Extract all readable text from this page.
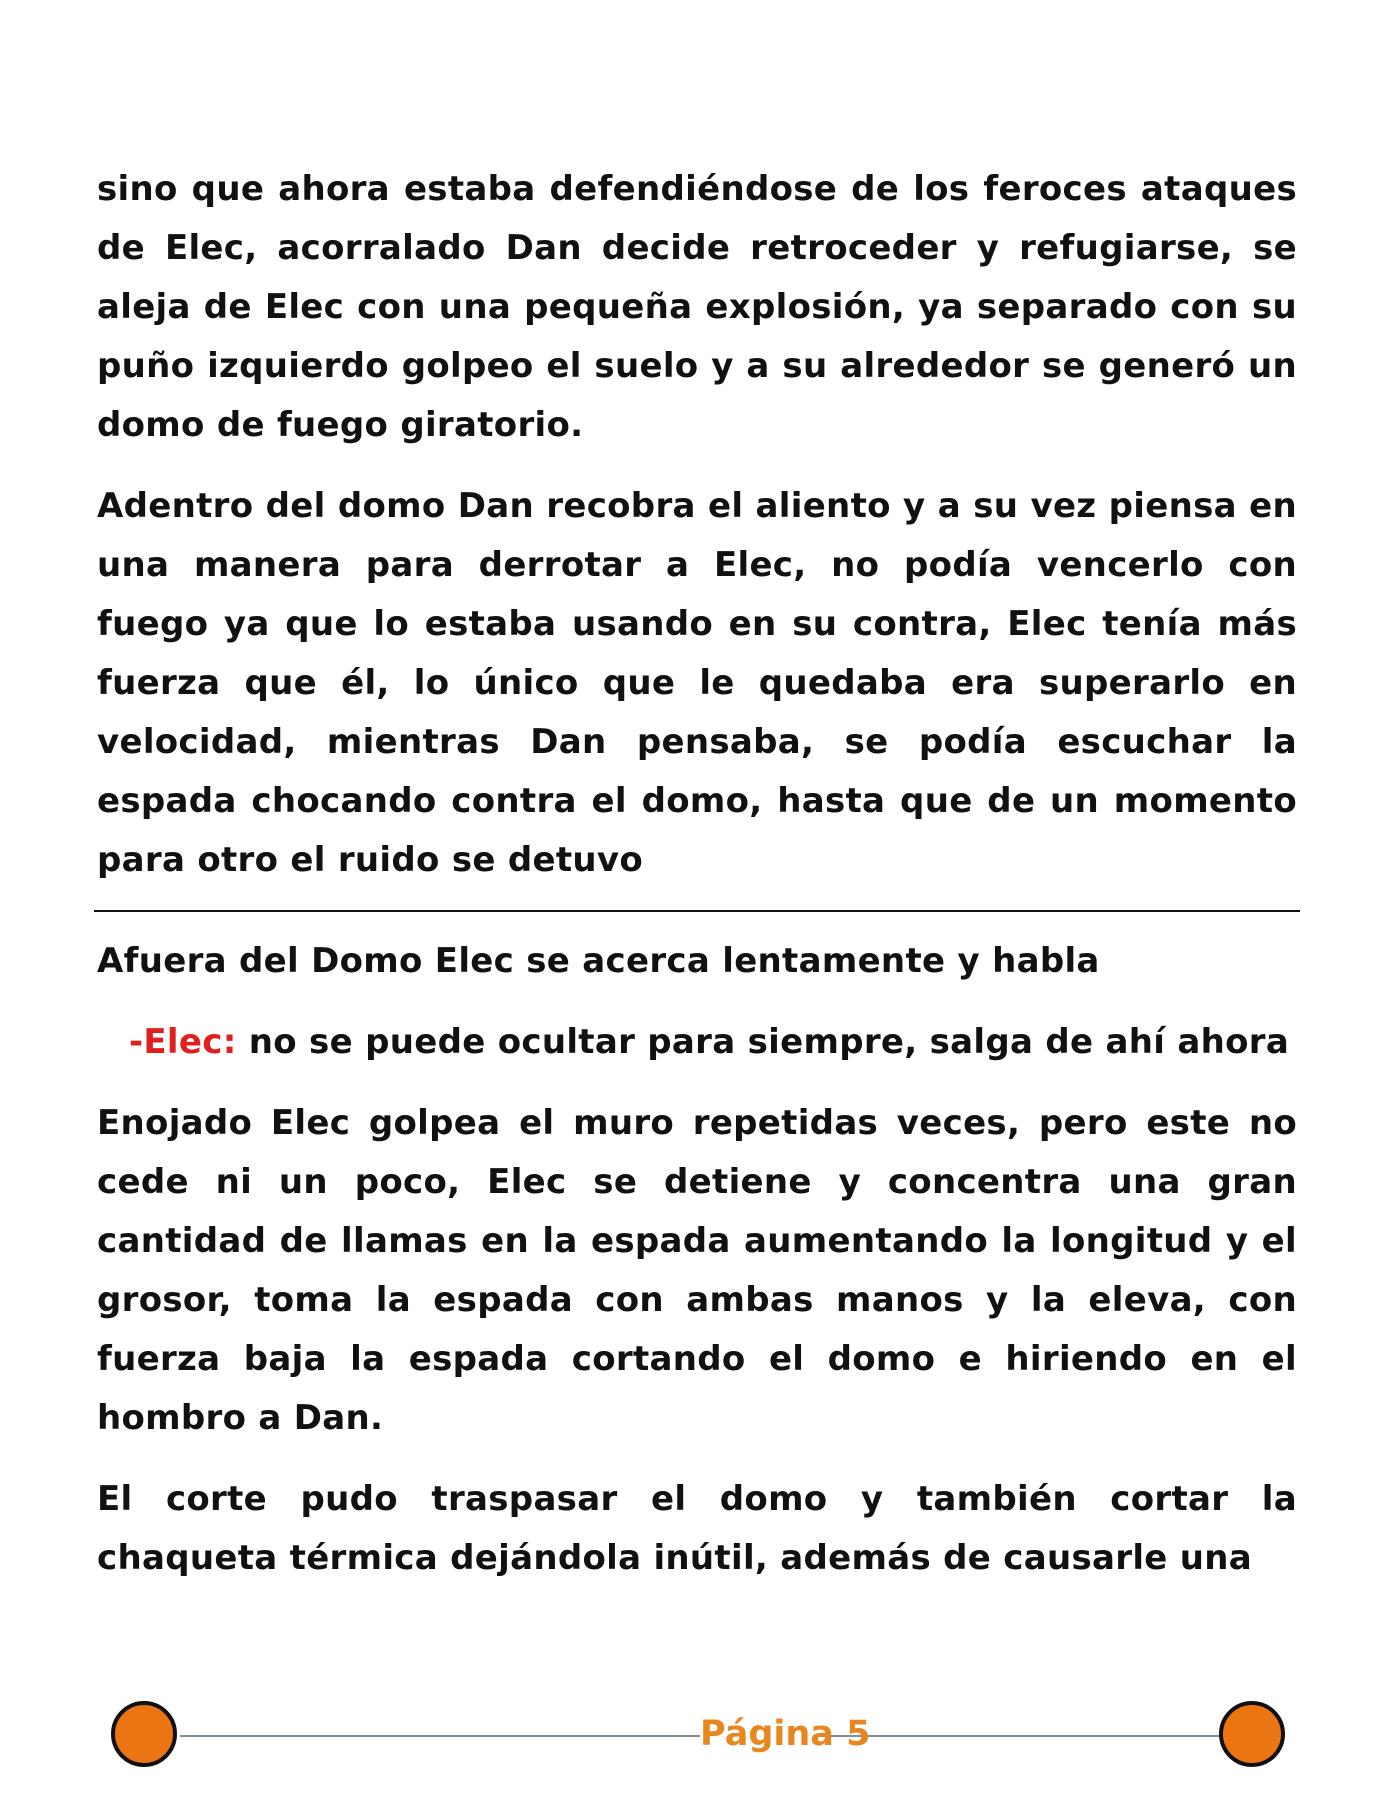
sino que ahora estaba defendiéndose de los feroces ataques de Elec, acorralado Dan decide retroceder y refugiarse, se aleja de Elec con una pequeña explosión, ya separado con su puño izquierdo golpeo el suelo y a su alrededor se generó un domo de fuego giratorio.

Adentro del domo Dan recobra el aliento y a su vez piensa en una manera para derrotar a Elec, no podía vencerlo con fuego ya que lo estaba usando en su contra, Elec tenía más fuerza que él, lo único que le quedaba era superarlo en velocidad, mientras Dan pensaba, se podía escuchar la espada chocando contra el domo, hasta que de un momento para otro el ruido se detuvo

Afuera del Domo Elec se acerca lentamente y habla

-Elec: no se puede ocultar para siempre, salga de ahí ahora

Enojado Elec golpea el muro repetidas veces, pero este no cede ni un poco, Elec se detiene y concentra una gran cantidad de llamas en la espada aumentando la longitud y el grosor, toma la espada con ambas manos y la eleva, con fuerza baja la espada cortando el domo e hiriendo en el hombro a Dan.

El corte pudo traspasar el domo y también cortar la chaqueta térmica dejándola inútil, además de causarle una

Página 5
